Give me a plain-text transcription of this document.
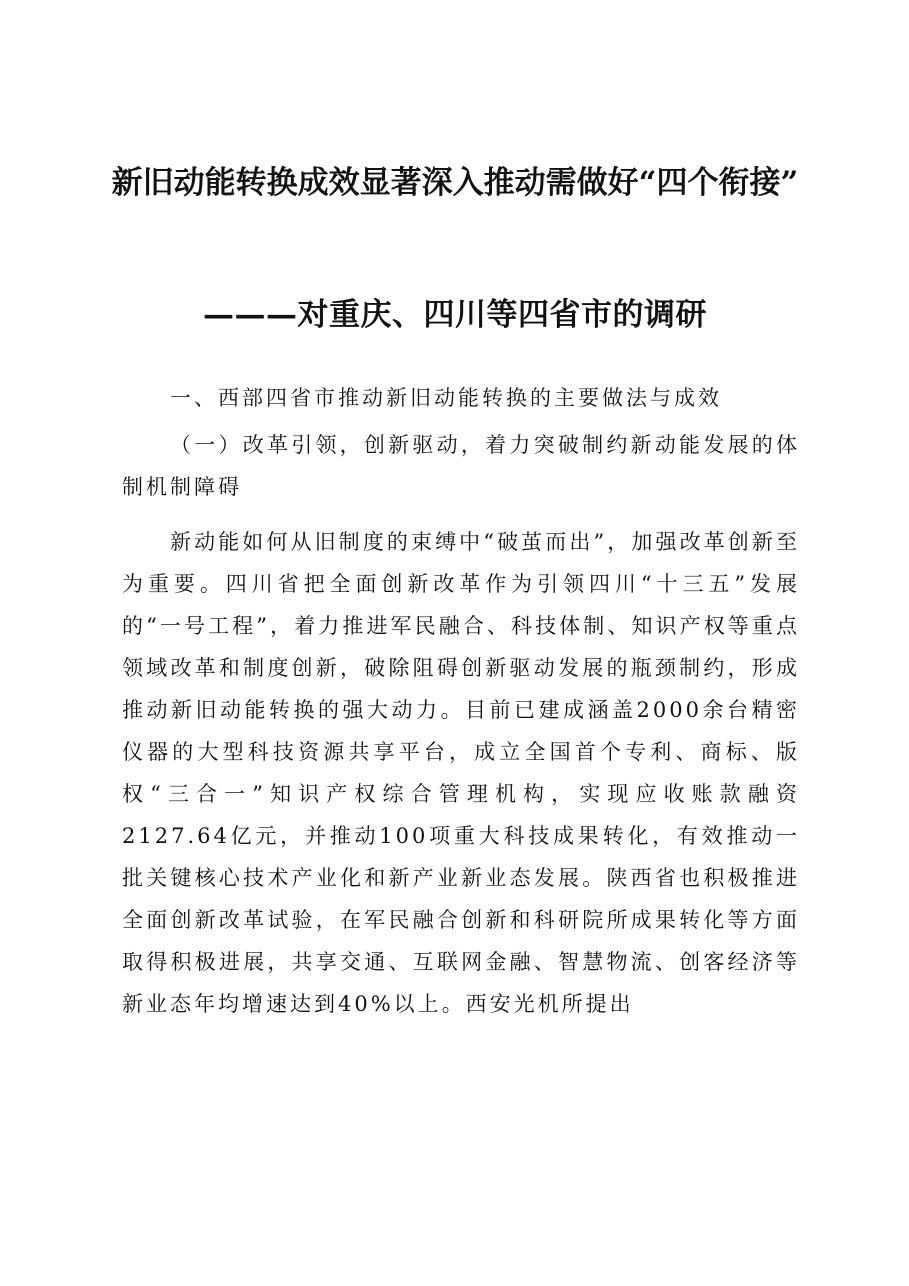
新旧动能转换成效显著深入推动需做好“四个衔接”
———对重庆、四川等四省市的调研

一、西部四省市推动新旧动能转换的主要做法与成效

（一）改革引领，创新驱动，着力突破制约新动能发展的体制机制障碍

新动能如何从旧制度的束缚中“破茧而出”，加强改革创新至为重要。四川省把全面创新改革作为引领四川“十三五”发展的“一号工程”，着力推进军民融合、科技体制、知识产权等重点领域改革和制度创新，破除阻碍创新驱动发展的瓶颈制约，形成推动新旧动能转换的强大动力。目前已建成涵盖2000余台精密仪器的大型科技资源共享平台，成立全国首个专利、商标、版权“三合一”知识产权综合管理机构，实现应收账款融资2127.64亿元，并推动100项重大科技成果转化，有效推动一批关键核心技术产业化和新产业新业态发展。陕西省也积极推进全面创新改革试验，在军民融合创新和科研院所成果转化等方面取得积极进展，共享交通、互联网金融、智慧物流、创客经济等新业态年均增速达到40%以上。西安光机所提出
